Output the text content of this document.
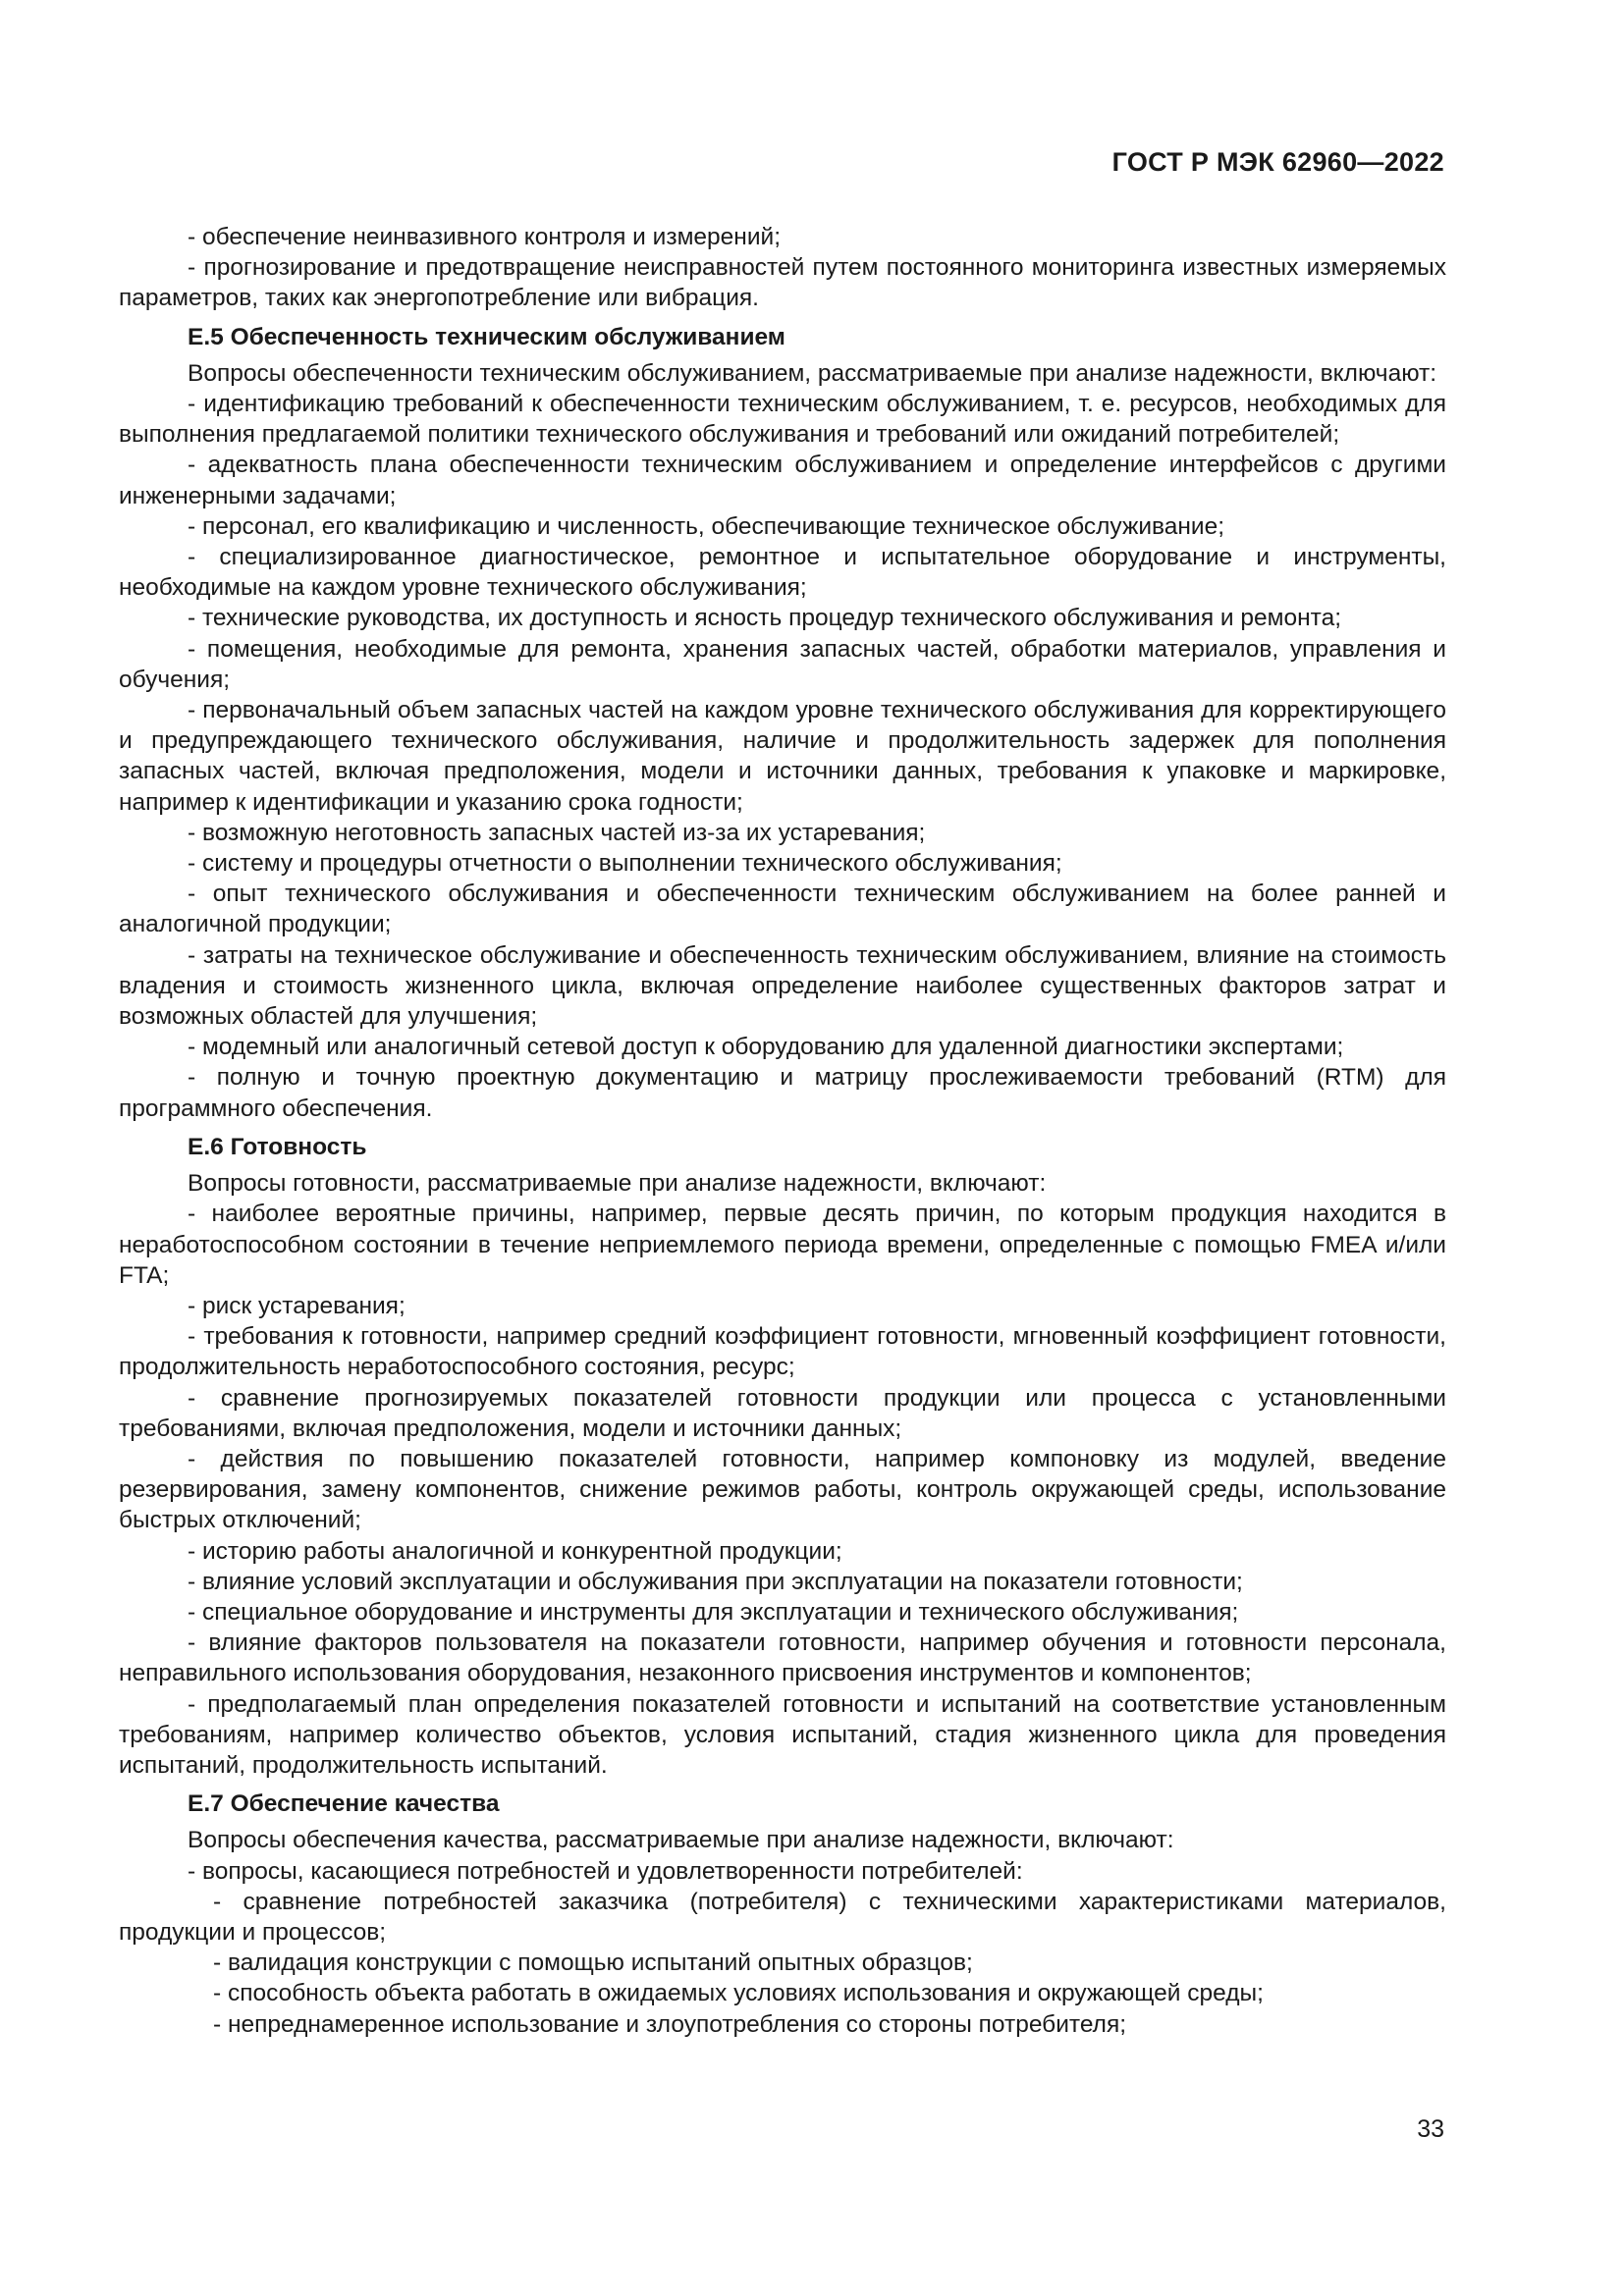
ГОСТ Р МЭК 62960—2022

- обеспечение неинвазивного контроля и измерений;

- прогнозирование и предотвращение неисправностей путем постоянного мониторинга известных измеряемых параметров, таких как энергопотребление или вибрация.

Е.5 Обеспеченность техническим обслуживанием

Вопросы обеспеченности техническим обслуживанием, рассматриваемые при анализе надежности, включают:

- идентификацию требований к обеспеченности техническим обслуживанием, т. е. ресурсов, необходимых для выполнения предлагаемой политики технического обслуживания и требований или ожиданий потребителей;

- адекватность плана обеспеченности техническим обслуживанием и определение интерфейсов с другими инженерными задачами;

- персонал, его квалификацию и численность, обеспечивающие техническое обслуживание;

- специализированное диагностическое, ремонтное и испытательное оборудование и инструменты, необходимые на каждом уровне технического обслуживания;

- технические руководства, их доступность и ясность процедур технического обслуживания и ремонта;

- помещения, необходимые для ремонта, хранения запасных частей, обработки материалов, управления и обучения;

- первоначальный объем запасных частей на каждом уровне технического обслуживания для корректирующего и предупреждающего технического обслуживания, наличие и продолжительность задержек для пополнения запасных частей, включая предположения, модели и источники данных, требования к упаковке и маркировке, например к идентификации и указанию срока годности;

- возможную неготовность запасных частей из-за их устаревания;

- систему и процедуры отчетности о выполнении технического обслуживания;

- опыт технического обслуживания и обеспеченности техническим обслуживанием на более ранней и аналогичной продукции;

- затраты на техническое обслуживание и обеспеченность техническим обслуживанием, влияние на стоимость владения и стоимость жизненного цикла, включая определение наиболее существенных факторов затрат и возможных областей для улучшения;

- модемный или аналогичный сетевой доступ к оборудованию для удаленной диагностики экспертами;

- полную и точную проектную документацию и матрицу прослеживаемости требований (RTM) для программного обеспечения.

Е.6 Готовность

Вопросы готовности, рассматриваемые при анализе надежности, включают:

- наиболее вероятные причины, например, первые десять причин, по которым продукция находится в неработоспособном состоянии в течение неприемлемого периода времени, определенные с помощью FMEA и/или FTA;

- риск устаревания;

- требования к готовности, например средний коэффициент готовности, мгновенный коэффициент готовности, продолжительность неработоспособного состояния, ресурс;

- сравнение прогнозируемых показателей готовности продукции или процесса с установленными требованиями, включая предположения, модели и источники данных;

- действия по повышению показателей готовности, например компоновку из модулей, введение резервирования, замену компонентов, снижение режимов работы, контроль окружающей среды, использование быстрых отключений;

- историю работы аналогичной и конкурентной продукции;

- влияние условий эксплуатации и обслуживания при эксплуатации на показатели готовности;

- специальное оборудование и инструменты для эксплуатации и технического обслуживания;

- влияние факторов пользователя на показатели готовности, например обучения и готовности персонала, неправильного использования оборудования, незаконного присвоения инструментов и компонентов;

- предполагаемый план определения показателей готовности и испытаний на соответствие установленным требованиям, например количество объектов, условия испытаний, стадия жизненного цикла для проведения испытаний, продолжительность испытаний.

Е.7 Обеспечение качества

Вопросы обеспечения качества, рассматриваемые при анализе надежности, включают:

- вопросы, касающиеся потребностей и удовлетворенности потребителей:

- сравнение потребностей заказчика (потребителя) с техническими характеристиками материалов, продукции и процессов;

- валидация конструкции с помощью испытаний опытных образцов;

- способность объекта работать в ожидаемых условиях использования и окружающей среды;

- непреднамеренное использование и злоупотребления со стороны потребителя;

33
